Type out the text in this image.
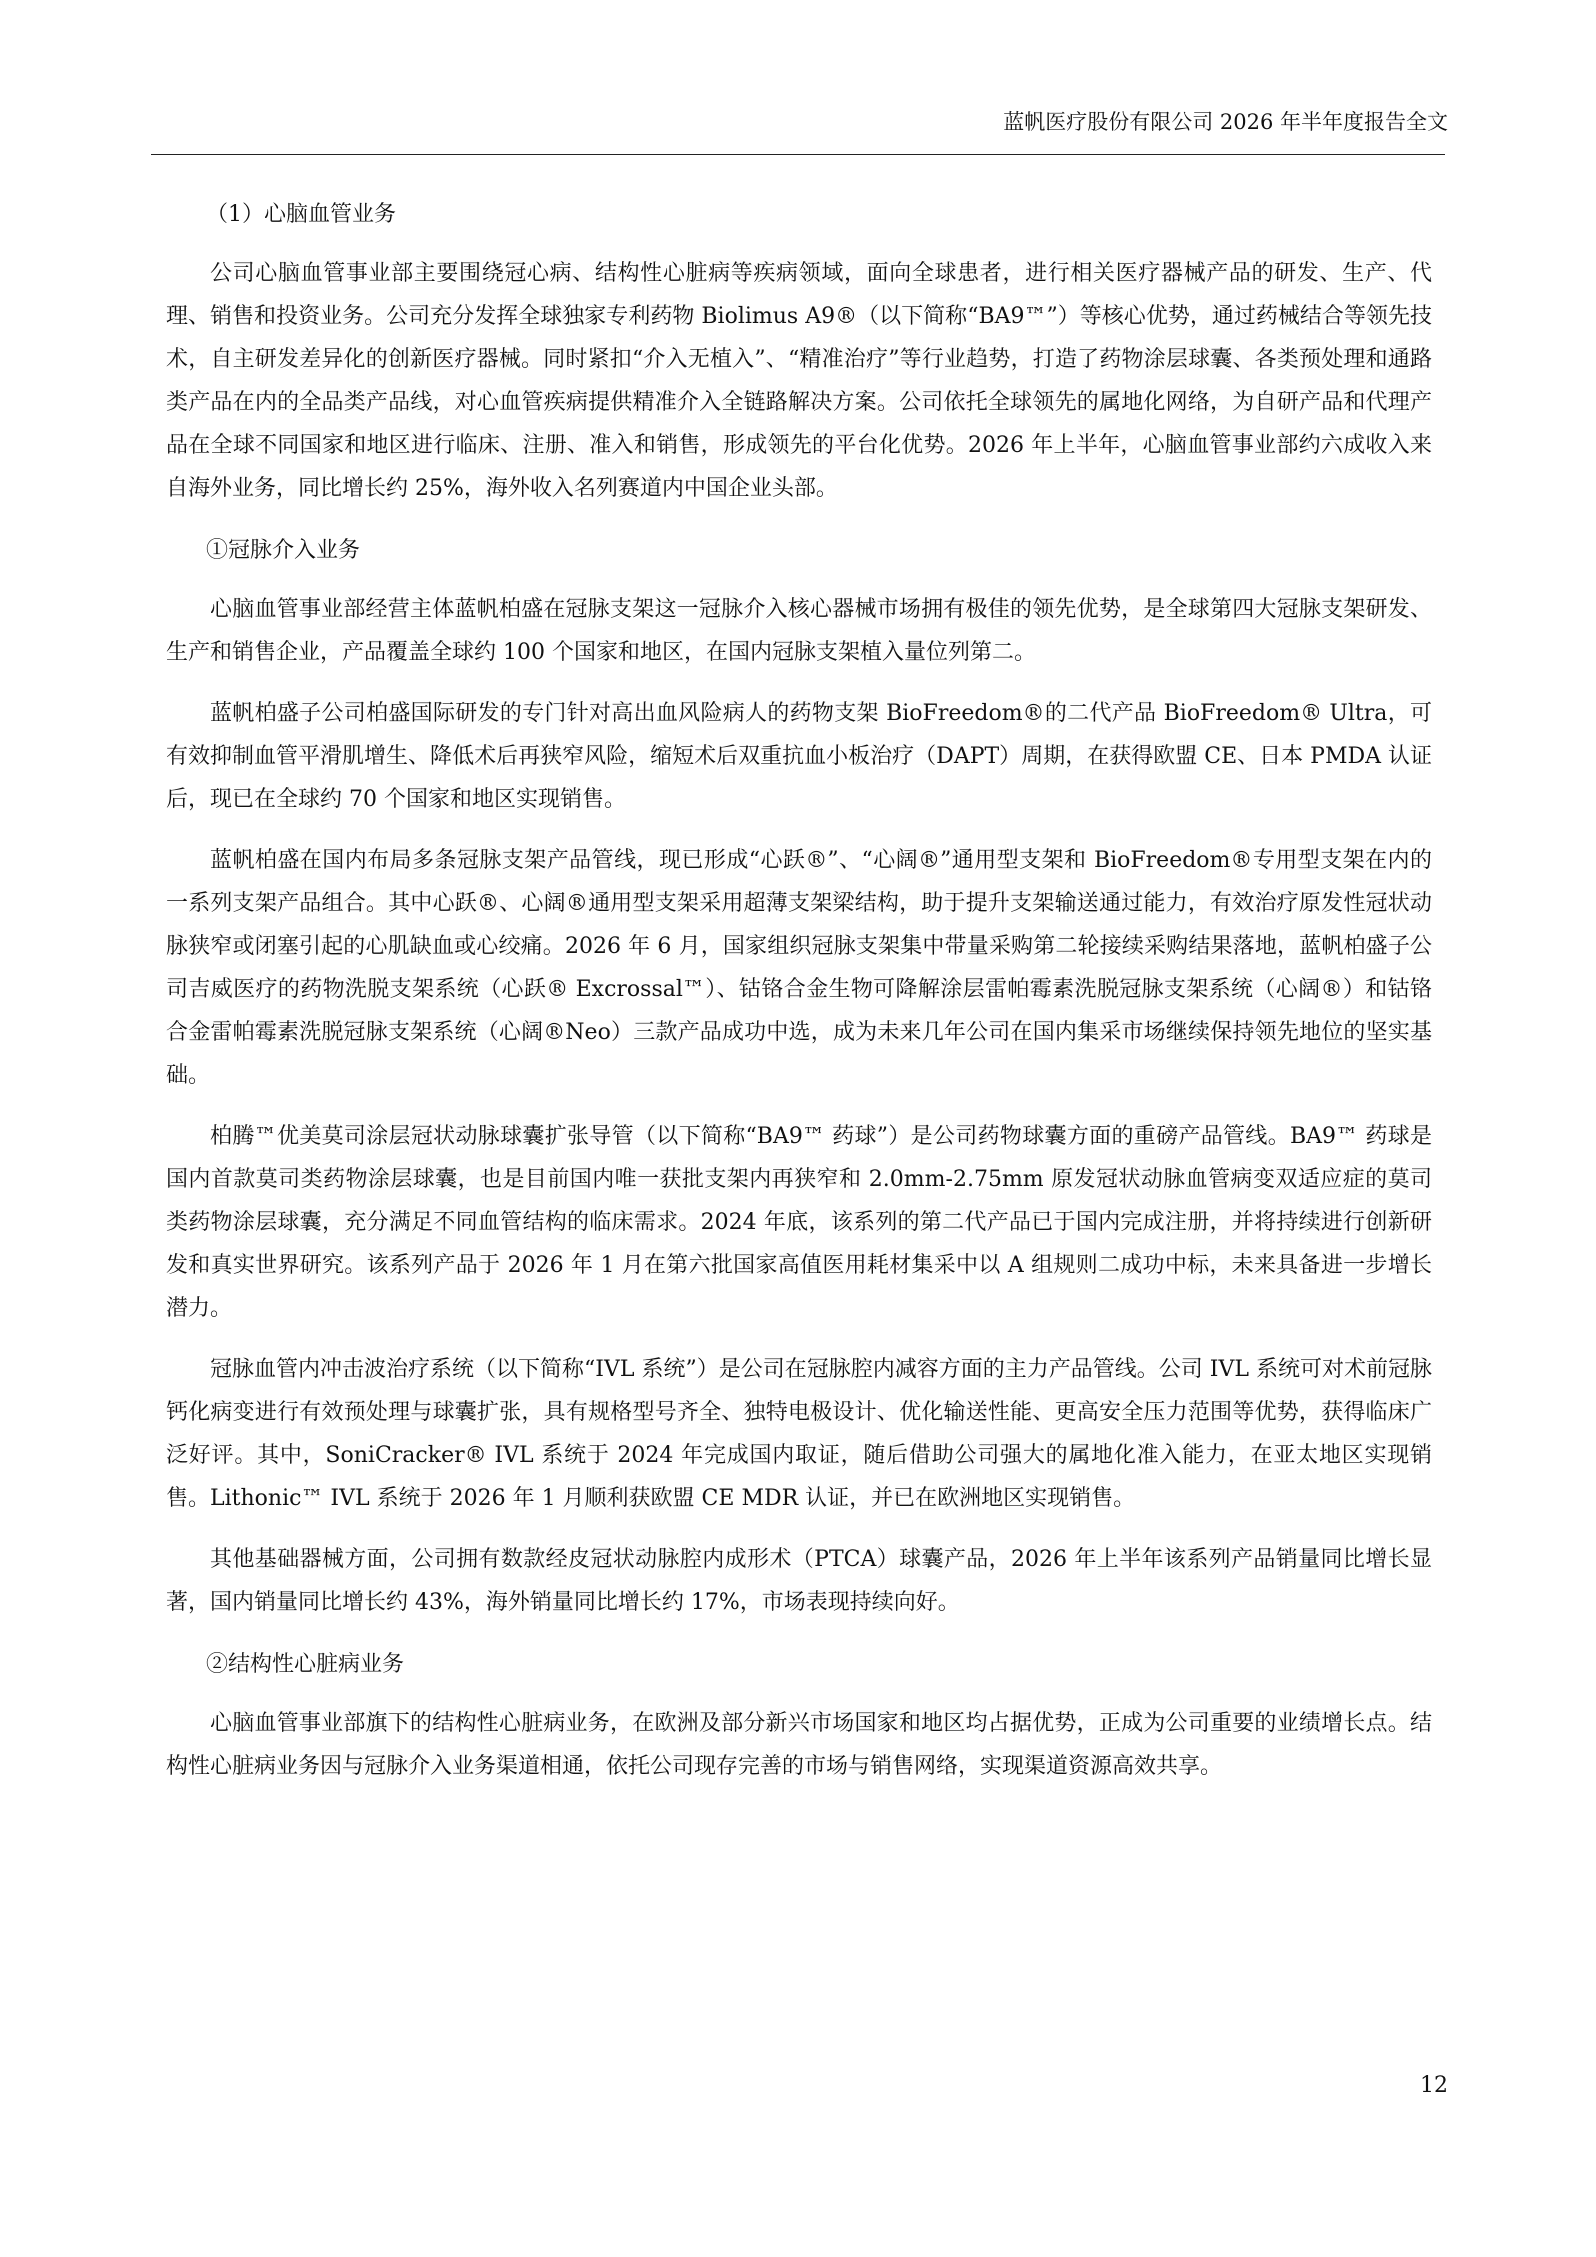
蓝帆医疗股份有限公司 2026 年半年度报告全文

（1）心脑血管业务

公司心脑血管事业部主要围绕冠心病、结构性心脏病等疾病领域，面向全球患者，进行相关医疗器械产品的研发、生产、代理、销售和投资业务。公司充分发挥全球独家专利药物 Biolimus A9®（以下简称“BA9™”）等核心优势，通过药械结合等领先技术，自主研发差异化的创新医疗器械。同时紧扣“介入无植入”、“精准治疗”等行业趋势，打造了药物涂层球囊、各类预处理和通路类产品在内的全品类产品线，对心血管疾病提供精准介入全链路解决方案。公司依托全球领先的属地化网络，为自研产品和代理产品在全球不同国家和地区进行临床、注册、准入和销售，形成领先的平台化优势。2026 年上半年，心脑血管事业部约六成收入来自海外业务，同比增长约 25%，海外收入名列赛道内中国企业头部。

①冠脉介入业务

心脑血管事业部经营主体蓝帆柏盛在冠脉支架这一冠脉介入核心器械市场拥有极佳的领先优势，是全球第四大冠脉支架研发、生产和销售企业，产品覆盖全球约 100 个国家和地区，在国内冠脉支架植入量位列第二。

蓝帆柏盛子公司柏盛国际研发的专门针对高出血风险病人的药物支架 BioFreedom®的二代产品 BioFreedom® Ultra，可有效抑制血管平滑肌增生、降低术后再狭窄风险，缩短术后双重抗血小板治疗（DAPT）周期，在获得欧盟 CE、日本 PMDA 认证后，现已在全球约 70 个国家和地区实现销售。

蓝帆柏盛在国内布局多条冠脉支架产品管线，现已形成“心跃®”、“心阔®”通用型支架和 BioFreedom®专用型支架在内的一系列支架产品组合。其中心跃®、心阔®通用型支架采用超薄支架梁结构，助于提升支架输送通过能力，有效治疗原发性冠状动脉狭窄或闭塞引起的心肌缺血或心绞痛。2026 年 6 月，国家组织冠脉支架集中带量采购第二轮接续采购结果落地，蓝帆柏盛子公司吉威医疗的药物洗脱支架系统（心跃® Excrossal™）、钴铬合金生物可降解涂层雷帕霉素洗脱冠脉支架系统（心阔®）和钴铬合金雷帕霉素洗脱冠脉支架系统（心阔®Neo）三款产品成功中选，成为未来几年公司在国内集采市场继续保持领先地位的坚实基础。

柏腾™优美莫司涂层冠状动脉球囊扩张导管（以下简称“BA9™ 药球”）是公司药物球囊方面的重磅产品管线。BA9™ 药球是国内首款莫司类药物涂层球囊，也是目前国内唯一获批支架内再狭窄和 2.0mm-2.75mm 原发冠状动脉血管病变双适应症的莫司类药物涂层球囊，充分满足不同血管结构的临床需求。2024 年底，该系列的第二代产品已于国内完成注册，并将持续进行创新研发和真实世界研究。该系列产品于 2026 年 1 月在第六批国家高值医用耗材集采中以 A 组规则二成功中标，未来具备进一步增长潜力。

冠脉血管内冲击波治疗系统（以下简称“IVL 系统”）是公司在冠脉腔内减容方面的主力产品管线。公司 IVL 系统可对术前冠脉钙化病变进行有效预处理与球囊扩张，具有规格型号齐全、独特电极设计、优化输送性能、更高安全压力范围等优势，获得临床广泛好评。其中，SoniCracker® IVL 系统于 2024 年完成国内取证，随后借助公司强大的属地化准入能力，在亚太地区实现销售。Lithonic™ IVL 系统于 2026 年 1 月顺利获欧盟 CE MDR 认证，并已在欧洲地区实现销售。

其他基础器械方面，公司拥有数款经皮冠状动脉腔内成形术（PTCA）球囊产品，2026 年上半年该系列产品销量同比增长显著，国内销量同比增长约 43%，海外销量同比增长约 17%，市场表现持续向好。

②结构性心脏病业务

心脑血管事业部旗下的结构性心脏病业务，在欧洲及部分新兴市场国家和地区均占据优势，正成为公司重要的业绩增长点。结构性心脏病业务因与冠脉介入业务渠道相通，依托公司现存完善的市场与销售网络，实现渠道资源高效共享。

12
